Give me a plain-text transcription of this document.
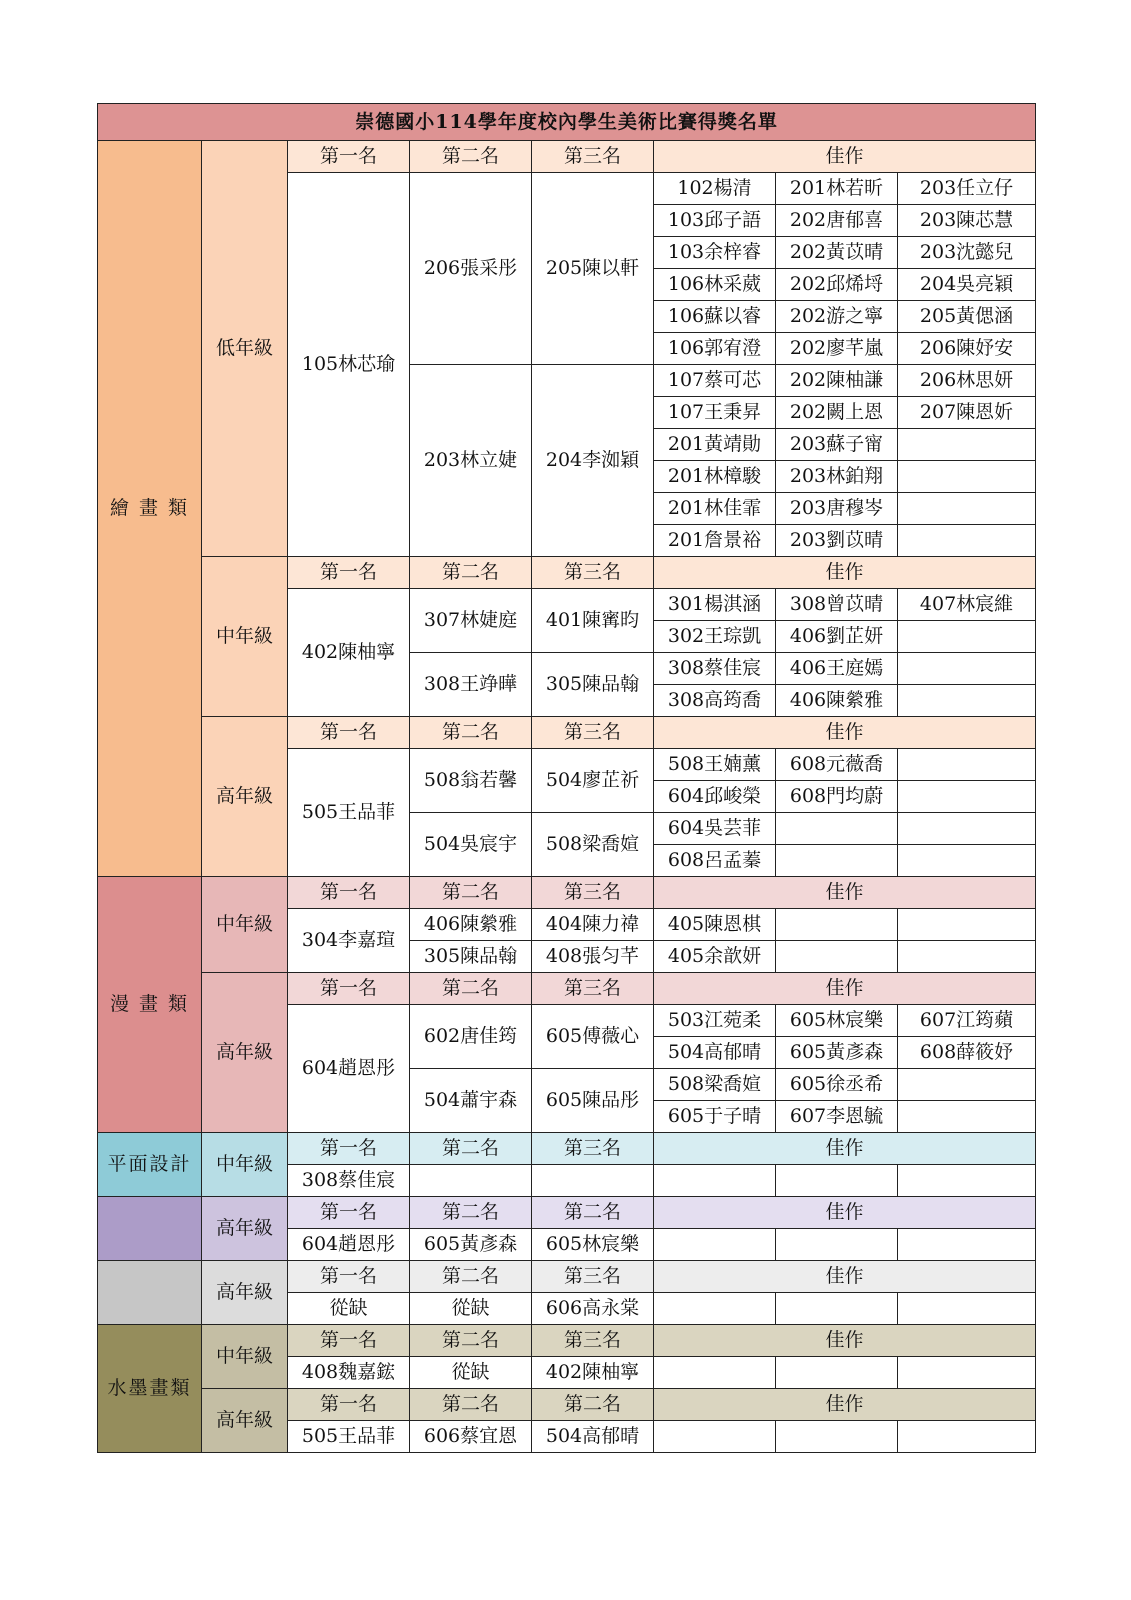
崇德國小114學年度校內學生美術比賽得獎名單							
繪 畫 類	低年級	第一名	第二名	第三名	佳作		
		105林芯瑜	206張采彤	205陳以軒	102楊清	201林若昕	203任立仔
					103邱子語	202唐郁喜	203陳芯慧
					103余梓睿	202黃苡晴	203沈懿兒
					106林采葳	202邱烯埒	204吳亮穎
					106蘇以睿	202游之寧	205黃偲涵
					106郭宥澄	202廖芊嵐	206陳妤安
			203林立婕	204李洳穎	107蔡可芯	202陳柚謙	206林思妍
					107王秉昇	202闕上恩	207陳恩妡
					201黃靖勛	203蘇子甯	
					201林樟駿	203林鉑翔	
					201林佳霏	203唐穆岑	
					201詹景裕	203劉苡晴	
	中年級	第一名	第二名	第三名	佳作		
		402陳柚寧	307林婕庭	401陳寗昀	301楊淇涵	308曾苡晴	407林宸維
					302王琮凱	406劉芷妍	
			308王竫曄	305陳品翰	308蔡佳宸	406王庭嫣	
					308高筠喬	406陳縈雅	
	高年級	第一名	第二名	第三名	佳作		
		505王品菲	508翁若馨	504廖芷祈	508王婻薰	608元薇喬	
					604邱峻榮	608門均蔚	
			504吳宸宇	508梁喬媗	604吳芸菲		
					608呂孟蓁		
漫 畫 類	中年級	第一名	第二名	第三名	佳作		
		304李嘉瑄	406陳縈雅	404陳力禕	405陳恩棋		
			305陳品翰	408張匀芊	405余歆妍		
	高年級	第一名	第二名	第三名	佳作		
		604趙恩彤	602唐佳筠	605傅薇心	503江菀柔	605林宸樂	607江筠蘋
					504高郁晴	605黃彥森	608薛筱妤
			504蕭宇森	605陳品彤	508梁喬媗	605徐丞希	
					605于子晴	607李恩毓	
平面設計	中年級	第一名	第二名	第三名	佳作		
		308蔡佳宸					
	高年級	第一名	第二名	第二名	佳作		
		604趙恩彤	605黃彥森	605林宸樂			
	高年級	第一名	第二名	第三名	佳作		
		從缺	從缺	606高永棠			
水墨畫類	中年級	第一名	第二名	第三名	佳作		
		408魏嘉鋐	從缺	402陳柚寧			
	高年級	第一名	第二名	第二名	佳作		
		505王品菲	606蔡宜恩	504高郁晴			
